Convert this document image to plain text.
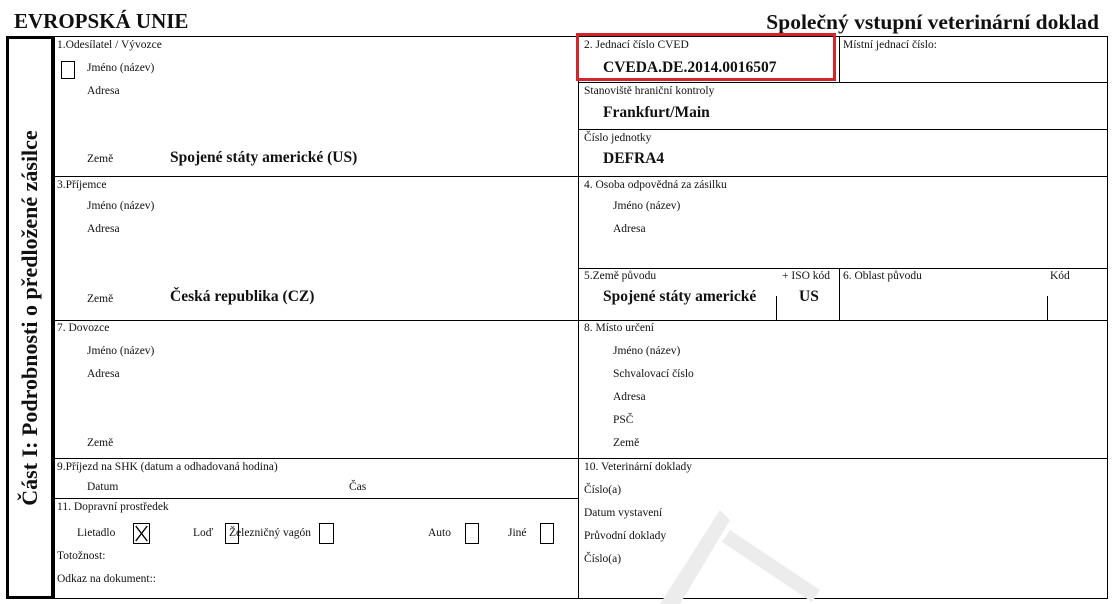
EVROPSKÁ UNIE	Společný vstupní veterinární doklad
Část I: Podrobnosti o předložené zásilce
1.Odesílatel / Vývozce
Jméno (název)
Adresa
Země	Spojené státy americké (US)
2. Jednací číslo CVED
CVEDA.DE.2014.0016507
Místní jednací číslo:
Stanoviště hraniční kontroly
Frankfurt/Main
Číslo jednotky
DEFRA4
3.Příjemce
Jméno (název)
Adresa
Země	Česká republika (CZ)
4. Osoba odpovědná za zásilku
Jméno (název)
Adresa
5.Země původu	+ ISO kód
Spojené státy americké	US
6. Oblast původu	Kód
7. Dovozce
Jméno (název)
Adresa
Země
8. Místo určení
Jméno (název)
Schvalovací číslo
Adresa
PSČ
Země
9.Příjezd na SHK (datum a odhadovaná hodina)
Datum	Čas
10. Veterinární doklady
Číslo(a)
Datum vystavení
Průvodní doklady
Číslo(a)
11. Dopravní prostředek
Lietadlo	Loď Železničný vagón	Auto	Jiné
Totožnost:
Odkaz na dokument::
